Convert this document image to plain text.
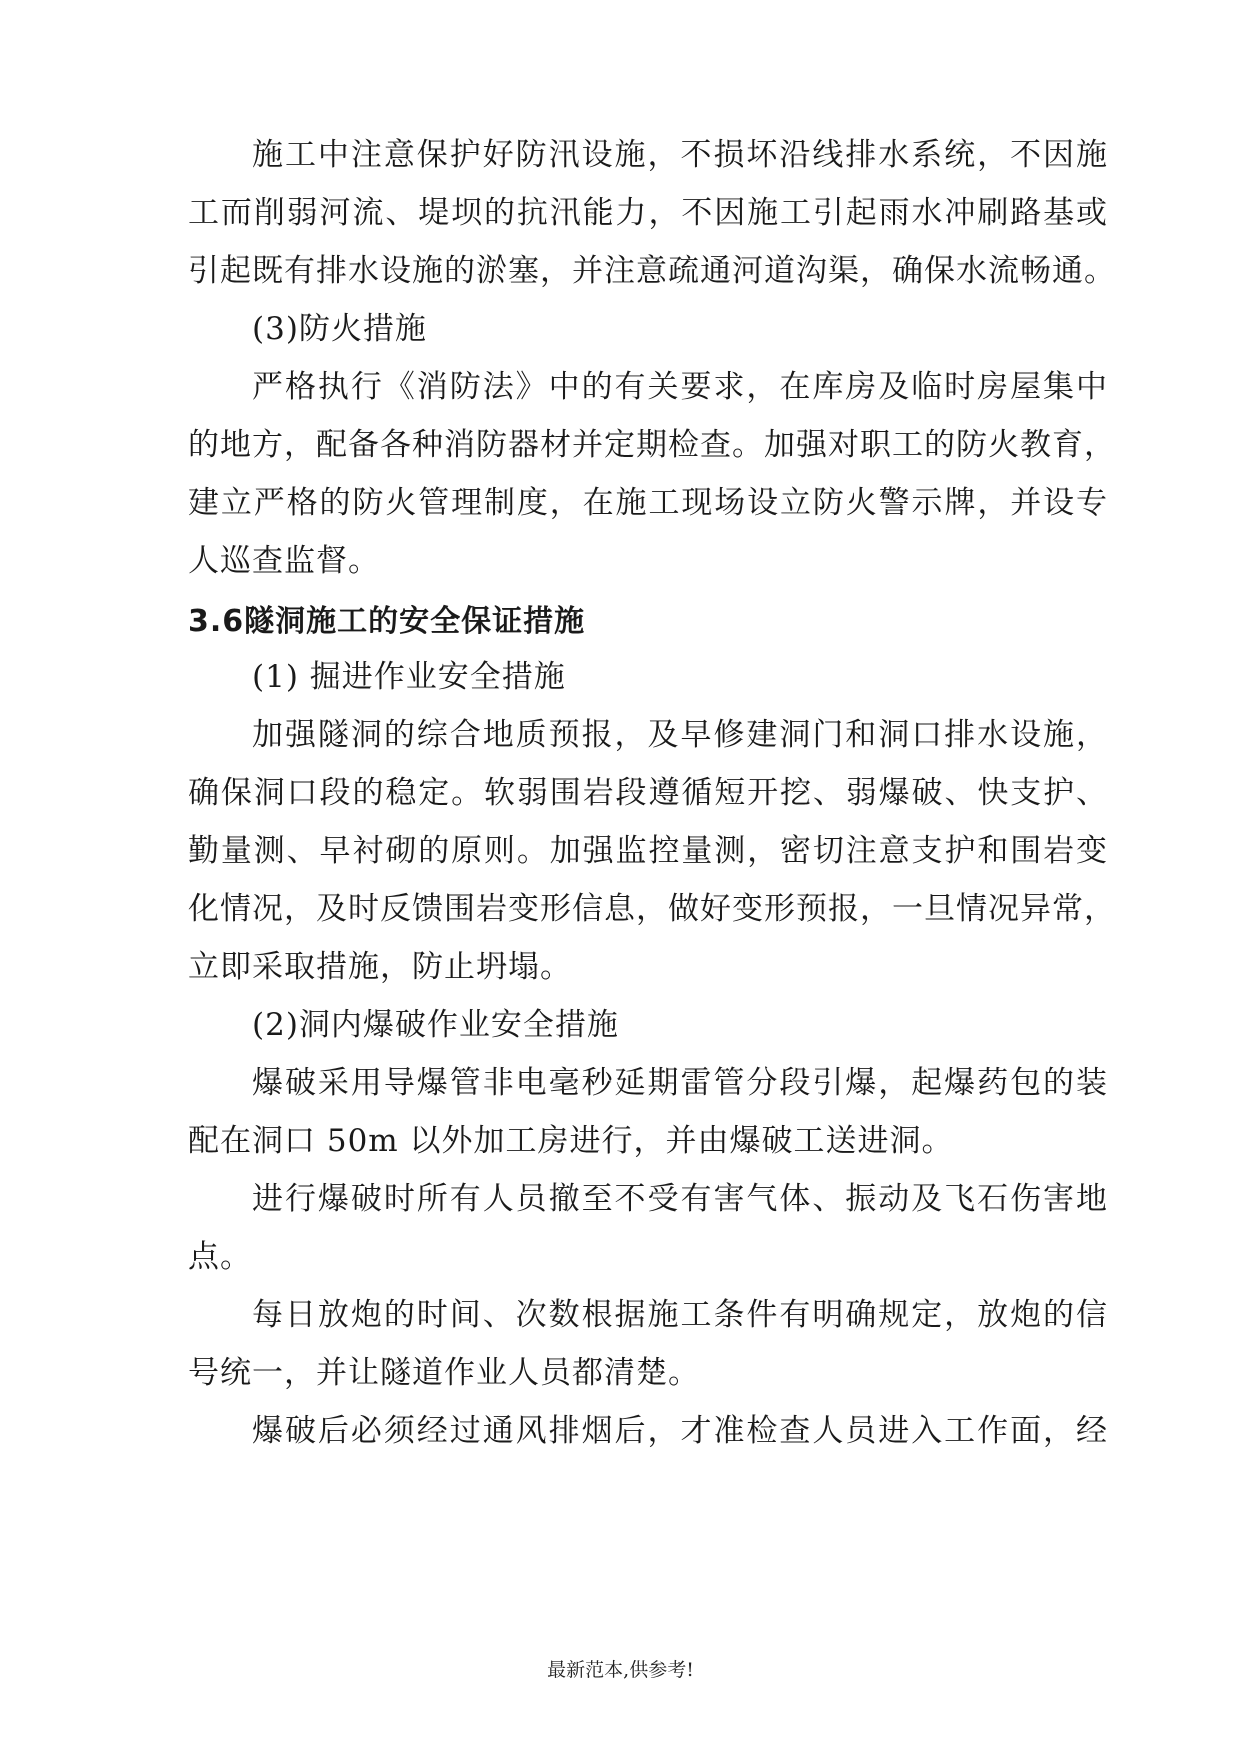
施工中注意保护好防汛设施，不损坏沿线排水系统，不因施
工而削弱河流、堤坝的抗汛能力，不因施工引起雨水冲刷路基或
引起既有排水设施的淤塞，并注意疏通河道沟渠，确保水流畅通。
(3)防火措施
严格执行《消防法》中的有关要求，在库房及临时房屋集中
的地方，配备各种消防器材并定期检查。加强对职工的防火教育，
建立严格的防火管理制度，在施工现场设立防火警示牌，并设专
人巡查监督。
3.6隧洞施工的安全保证措施
(1) 掘进作业安全措施
加强隧洞的综合地质预报，及早修建洞门和洞口排水设施，
确保洞口段的稳定。软弱围岩段遵循短开挖、弱爆破、快支护、
勤量测、早衬砌的原则。加强监控量测，密切注意支护和围岩变
化情况，及时反馈围岩变形信息，做好变形预报，一旦情况异常，
立即采取措施，防止坍塌。
(2)洞内爆破作业安全措施
爆破采用导爆管非电毫秒延期雷管分段引爆，起爆药包的装
配在洞口 50m 以外加工房进行，并由爆破工送进洞。
进行爆破时所有人员撤至不受有害气体、振动及飞石伤害地
点。
每日放炮的时间、次数根据施工条件有明确规定，放炮的信
号统一，并让隧道作业人员都清楚。
爆破后必须经过通风排烟后，才准检查人员进入工作面，经
最新范本,供参考!
